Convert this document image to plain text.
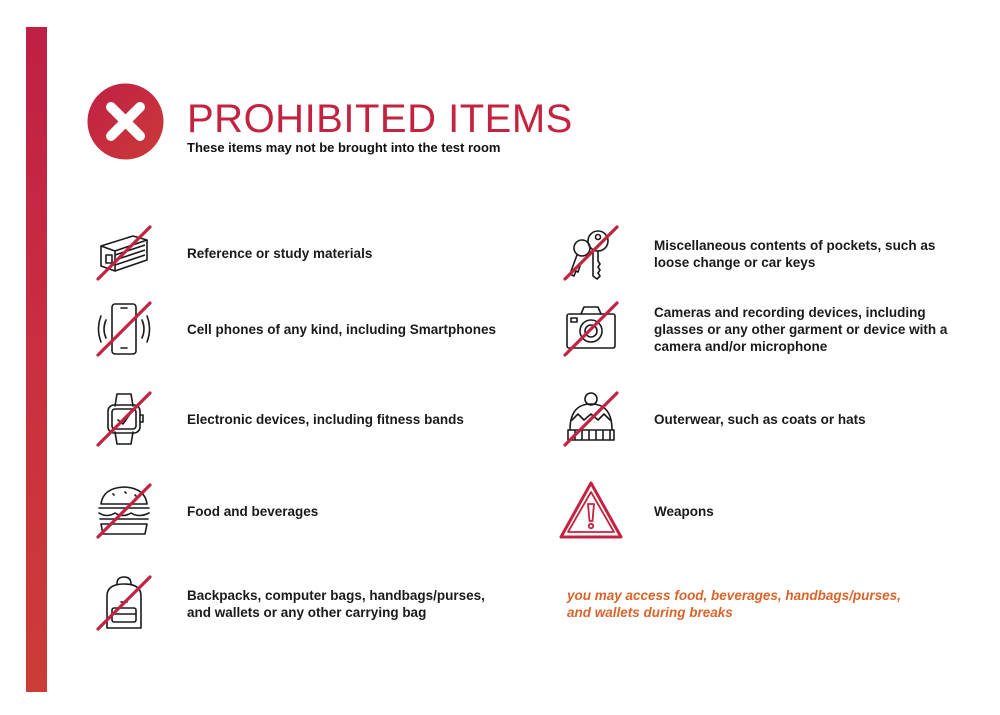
PROHIBITED ITEMS

These items may not be brought into the test room

Reference or study materials

Cell phones of any kind, including Smartphones

Electronic devices, including fitness bands

Food and beverages

Backpacks, computer bags, handbags/purses, and wallets or any other carrying bag

Miscellaneous contents of pockets, such as loose change or car keys

Cameras and recording devices, including glasses or any other garment or device with a camera and/or microphone

Outerwear, such as coats or hats

Weapons

you may access food, beverages, handbags/purses, and wallets during breaks
